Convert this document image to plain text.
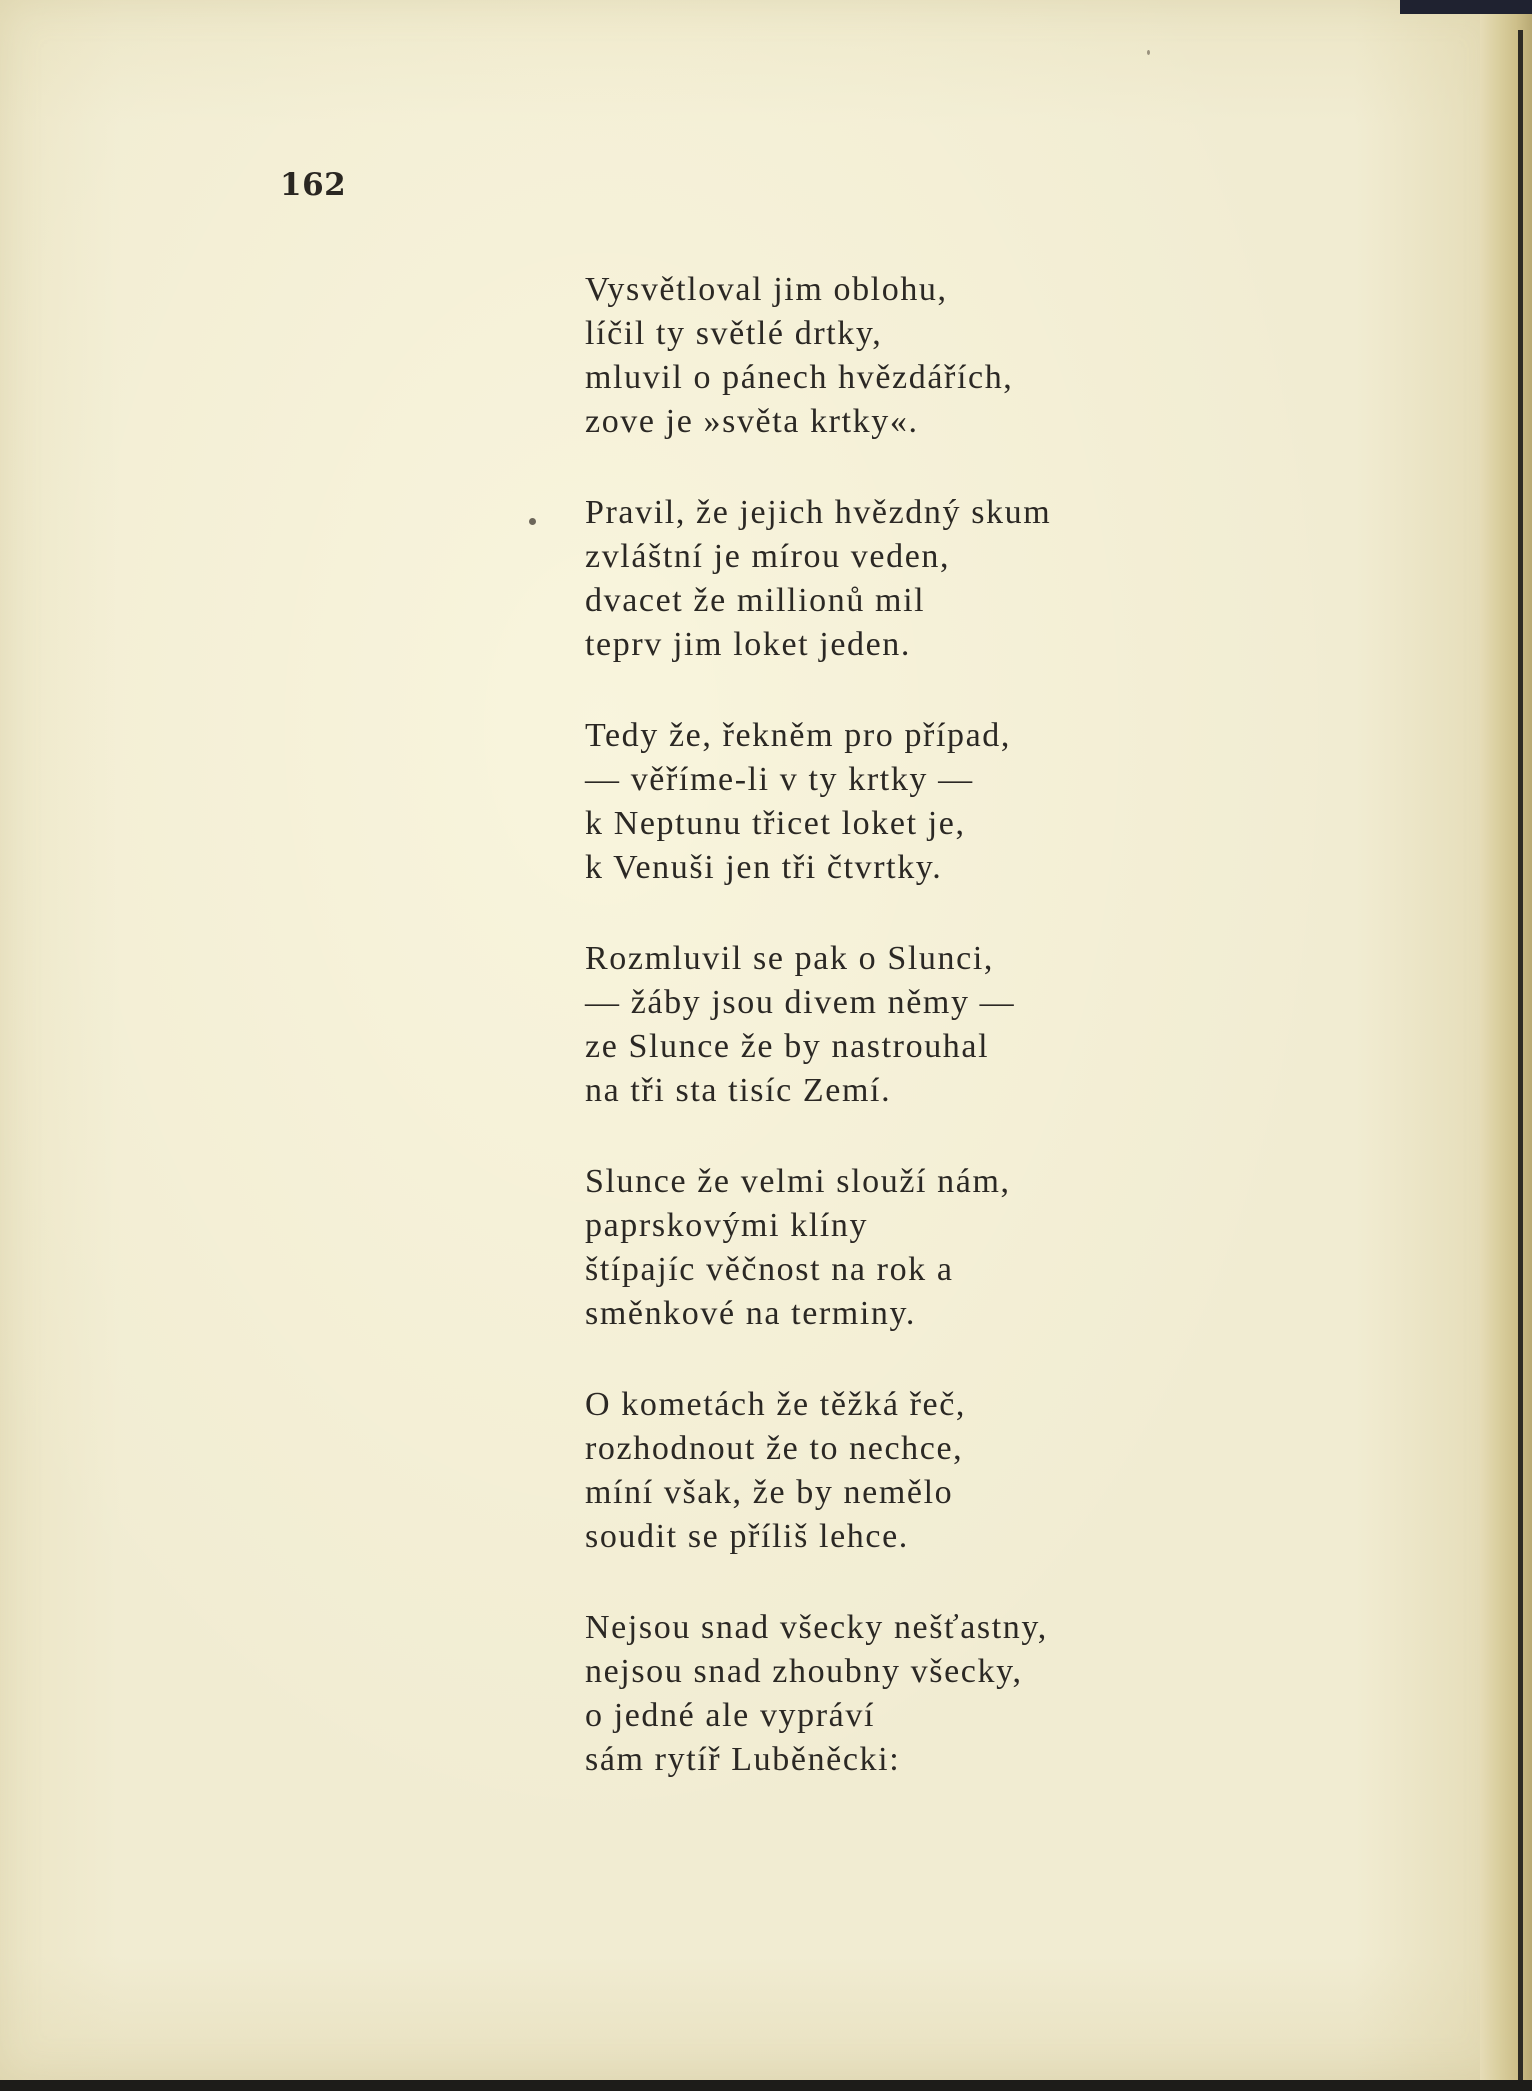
162
Vysvětloval jim oblohu,
líčil ty světlé drtky,
mluvil o pánech hvězdářích,
zove je »světa krtky«.
Pravil, že jejich hvězdný skum
zvláštní je mírou veden,
dvacet že millionů mil
teprv jim loket jeden.
Tedy že, řekněm pro případ,
— věříme-li v ty krtky —
k Neptunu třicet loket je,
k Venuši jen tři čtvrtky.
Rozmluvil se pak o Slunci,
— žáby jsou divem němy —
ze Slunce že by nastrouhal
na tři sta tisíc Zemí.
Slunce že velmi slouží nám,
paprskovými klíny
štípajíc věčnost na rok a
směnkové na terminy.
O kometách že těžká řeč,
rozhodnout že to nechce,
míní však, že by nemělo
soudit se příliš lehce.
Nejsou snad všecky nešťastny,
nejsou snad zhoubny všecky,
o jedné ale vypráví
sám rytíř Luběněcki:
